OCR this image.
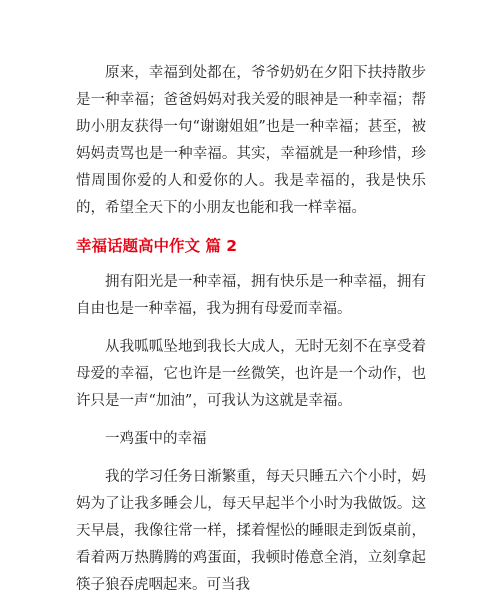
原来，幸福到处都在，爷爷奶奶在夕阳下扶持散步是一种幸福；爸爸妈妈对我关爱的眼神是一种幸福；帮助小朋友获得一句“谢谢姐姐”也是一种幸福；甚至，被妈妈责骂也是一种幸福。其实，幸福就是一种珍惜，珍惜周围你爱的人和爱你的人。我是幸福的，我是快乐的，希望全天下的小朋友也能和我一样幸福。

幸福话题高中作文 篇 2

拥有阳光是一种幸福，拥有快乐是一种幸福，拥有自由也是一种幸福，我为拥有母爱而幸福。

从我呱呱坠地到我长大成人，无时无刻不在享受着母爱的幸福，它也许是一丝微笑，也许是一个动作，也许只是一声“加油”，可我认为这就是幸福。

一鸡蛋中的幸福

我的学习任务日渐繁重，每天只睡五六个小时，妈妈为了让我多睡会儿，每天早起半个小时为我做饭。这天早晨，我像往常一样，揉着惺忪的睡眼走到饭桌前，看着两万热腾腾的鸡蛋面，我顿时倦意全消，立刻拿起筷子狼吞虎咽起来。可当我
